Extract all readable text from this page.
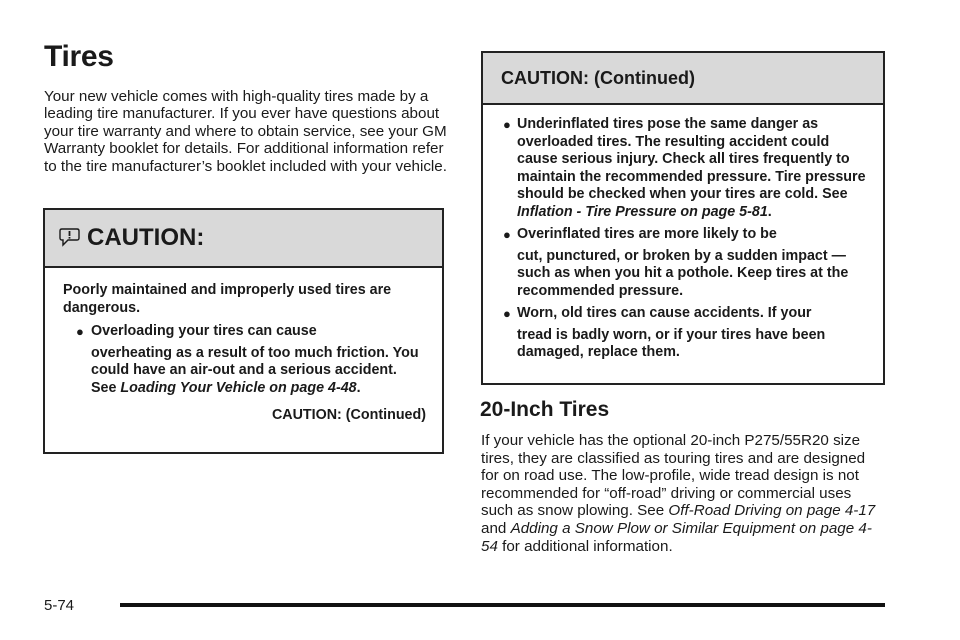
Tires
Your new vehicle comes with high-quality tires made by a leading tire manufacturer. If you ever have questions about your tire warranty and where to obtain service, see your GM Warranty booklet for details. For additional information refer to the tire manufacturer’s booklet included with your vehicle.
CAUTION:
Poorly maintained and improperly used tires are dangerous.
● Overloading your tires can cause
overheating as a result of too much friction. You could have an air-out and a serious accident. See Loading Your Vehicle on page 4-48.
CAUTION: (Continued)
CAUTION: (Continued)
● Underinflated tires pose the same danger as overloaded tires. The resulting accident could cause serious injury. Check all tires frequently to maintain the recommended pressure. Tire pressure should be checked when your tires are cold. See Inflation - Tire Pressure on page 5-81.
● Overinflated tires are more likely to be
cut, punctured, or broken by a sudden impact — such as when you hit a pothole. Keep tires at the recommended pressure.
● Worn, old tires can cause accidents. If your
tread is badly worn, or if your tires have been damaged, replace them.
20-Inch Tires
If your vehicle has the optional 20-inch P275/55R20 size tires, they are classified as touring tires and are designed for on road use. The low-profile, wide tread design is not recommended for “off-road” driving or commercial uses such as snow plowing. See Off-Road Driving on page 4-17 and Adding a Snow Plow or Similar Equipment on page 4-54 for additional information.
5-74
